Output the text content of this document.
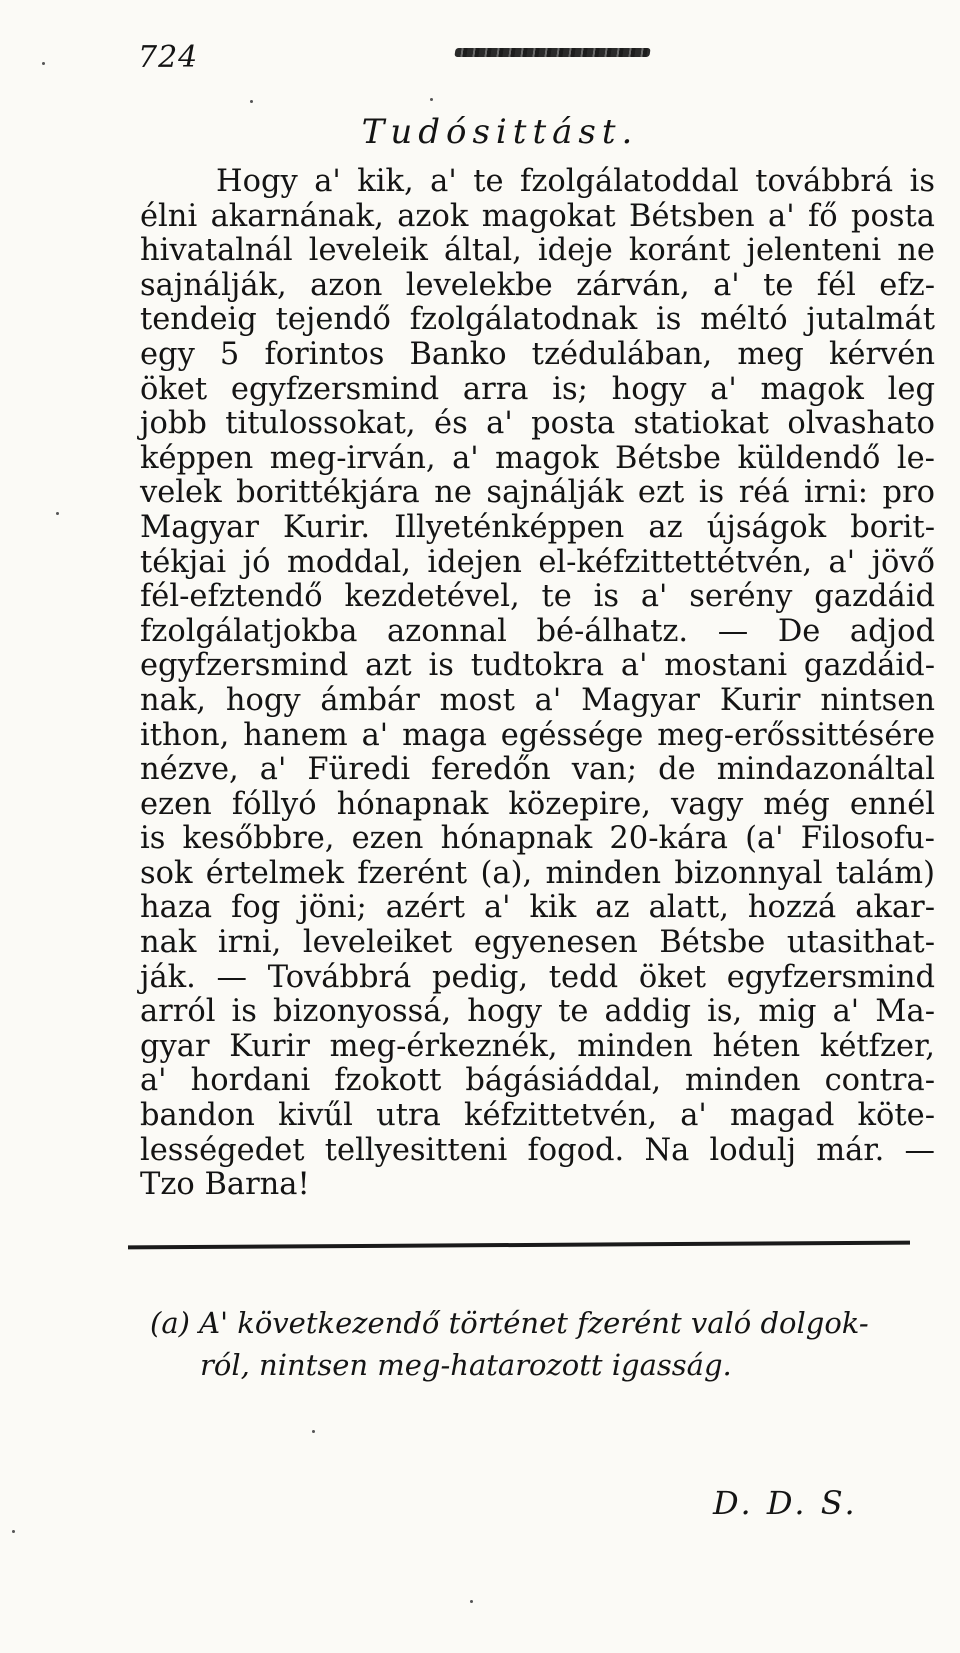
724
Tudósittást.
Hogy a' kik, a' te fzolgálatoddal továbbrá is
élni akarnának, azok magokat Bétsben a' fő posta
hivatalnál leveleik által, ideje koránt jelenteni ne
sajnálják, azon levelekbe zárván, a' te fél efz-
tendeig tejendő fzolgálatodnak is méltó jutalmát
egy 5 forintos Banko tzédulában, meg kérvén
öket egyfzersmind arra is; hogy a' magok leg
jobb titulossokat, és a' posta statiokat olvashato
képpen meg-irván, a' magok Bétsbe küldendő le-
velek borittékjára ne sajnálják ezt is réá irni: pro
Magyar Kurir. Illyeténképpen az újságok borit-
tékjai jó moddal, idejen el-kéfzittettétvén, a' jövő
fél-efztendő kezdetével, te is a' serény gazdáid
fzolgálatjokba azonnal bé-álhatz. — De adjod
egyfzersmind azt is tudtokra a' mostani gazdáid-
nak, hogy ámbár most a' Magyar Kurir nintsen
ithon, hanem a' maga egéssége meg-erőssittésére
nézve, a' Füredi feredőn van; de mindazonáltal
ezen fóllyó hónapnak közepire, vagy még ennél
is kesőbbre, ezen hónapnak 20-kára (a' Filosofu-
sok értelmek fzerént (a), minden bizonnyal talám)
haza fog jöni; azért a' kik az alatt, hozzá akar-
nak irni, leveleiket egyenesen Bétsbe utasithat-
ják. — Továbbrá pedig, tedd öket egyfzersmind
arról is bizonyossá, hogy te addig is, mig a' Ma-
gyar Kurir meg-érkeznék, minden héten kétfzer,
a' hordani fzokott bágásiáddal, minden contra-
bandon kivűl utra kéfzittetvén, a' magad köte-
lességedet tellyesitteni fogod. Na lodulj már. —
Tzo Barna!
(a) A' következendő történet fzerént való dolgok-
ról, nintsen meg-hatarozott igasság.
D. D. S.
